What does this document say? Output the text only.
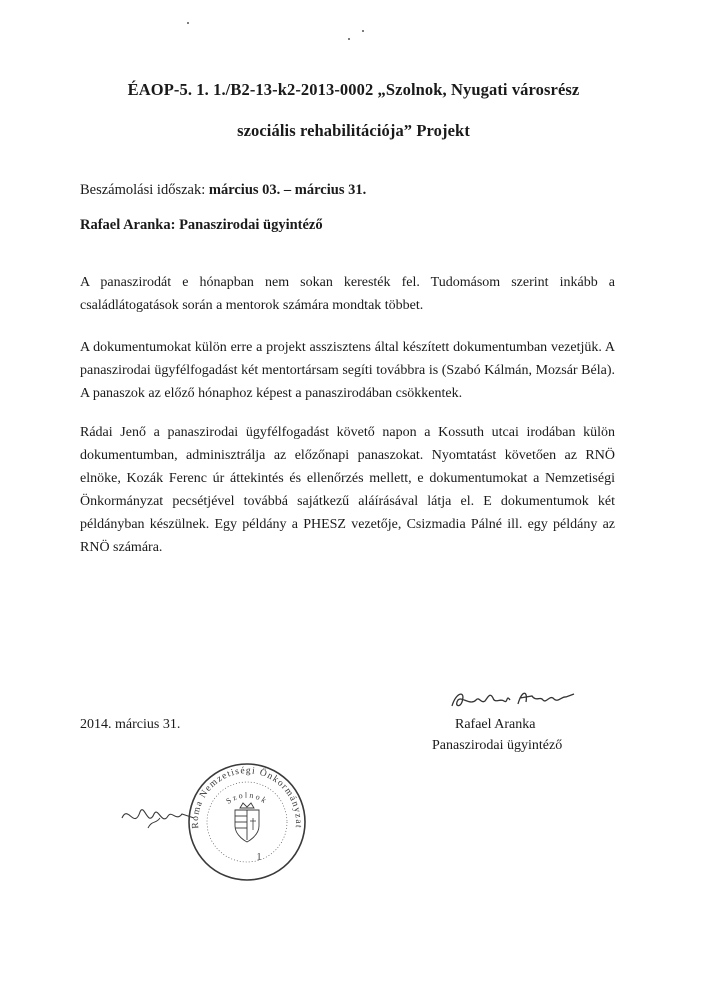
ÉAOP-5. 1. 1./B2-13-k2-2013-0002 „Szolnok, Nyugati városrész
szociális rehabilitációja” Projekt
Beszámolási időszak: március 03. – március 31.
Rafael Aranka: Panaszirodai ügyintéző

A panaszirodát e hónapban nem sokan keresték fel. Tudomásom szerint inkább a családlátogatások során a mentorok számára mondtak többet.

A dokumentumokat külön erre a projekt asszisztens által készített dokumentumban vezetjük. A panaszirodai ügyfélfogadást két mentortársam segíti továbbra is (Szabó Kálmán, Mozsár Béla). A panaszok az előző hónaphoz képest a panaszirodában csökkentek.

Rádai Jenő a panaszirodai ügyfélfogadást követő napon a Kossuth utcai irodában külön dokumentumban, adminisztrálja az előzőnapi panaszokat. Nyomtatást követően az RNÖ elnöke, Kozák Ferenc úr áttekintés és ellenőrzés mellett, e dokumentumokat a Nemzetiségi Önkormányzat pecsétjével továbbá sajátkezű aláírásával látja el. E dokumentumok két példányban készülnek. Egy példány a PHESZ vezetője, Csizmadia Pálné ill. egy példány az RNÖ számára.

2014. március 31.	Rafael Aranka
Panaszirodai ügyintéző
Roma Nemzetiségi Önkormányzat
Szolnok
1
